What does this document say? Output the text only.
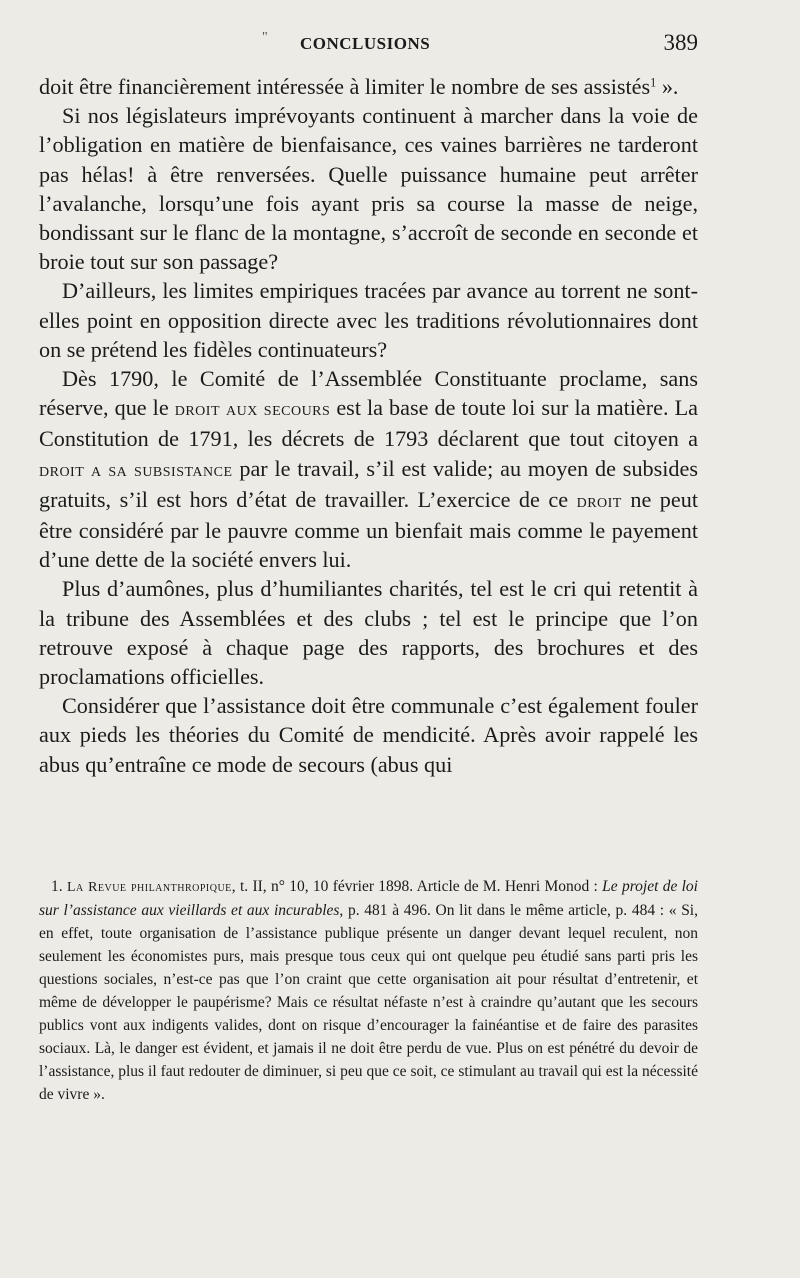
" CONCLUSIONS	389

doit être financièrement intéressée à limiter le nombre de ses assistés$^1$ ».

Si nos législateurs imprévoyants continuent à marcher dans la voie de l’obligation en matière de bienfaisance, ces vaines barrières ne tarderont pas hélas! à être renversées. Quelle puissance humaine peut arrêter l’avalanche, lorsqu’une fois ayant pris sa course la masse de neige, bondissant sur le flanc de la montagne, s’accroît de seconde en seconde et broie tout sur son passage?

D’ailleurs, les limites empiriques tracées par avance au torrent ne sont-elles point en opposition directe avec les traditions révolutionnaires dont on se prétend les fidèles continuateurs?

Dès 1790, le Comité de l’Assemblée Constituante proclame, sans réserve, que le droit aux secours est la base de toute loi sur la matière. La Constitution de 1791, les décrets de 1793 déclarent que tout citoyen a droit a sa subsistance par le travail, s’il est valide; au moyen de subsides gratuits, s’il est hors d’état de travailler. L’exercice de ce droit ne peut être considéré par le pauvre comme un bienfait mais comme le payement d’une dette de la société envers lui.

Plus d’aumônes, plus d’humiliantes charités, tel est le cri qui retentit à la tribune des Assemblées et des clubs ; tel est le principe que l’on retrouve exposé à chaque page des rapports, des brochures et des proclamations officielles.

Considérer que l’assistance doit être communale c’est également fouler aux pieds les théories du Comité de mendicité. Après avoir rappelé les abus qu’entraîne ce mode de secours (abus qui

1. La Revue philanthropique, t. II, n° 10, 10 février 1898. Article de M. Henri Monod : Le projet de loi sur l’assistance aux vieillards et aux incurables, p. 481 à 496. On lit dans le même article, p. 484 : « Si, en effet, toute organisation de l’assistance publique présente un danger devant lequel reculent, non seulement les économistes purs, mais presque tous ceux qui ont quelque peu étudié sans parti pris les questions sociales, n’est-ce pas que l’on craint que cette organisation ait pour résultat d’entretenir, et même de développer le paupérisme? Mais ce résultat néfaste n’est à craindre qu’autant que les secours publics vont aux indigents valides, dont on risque d’encourager la fainéantise et de faire des parasites sociaux. Là, le danger est évident, et jamais il ne doit être perdu de vue. Plus on est pénétré du devoir de l’assistance, plus il faut redouter de diminuer, si peu que ce soit, ce stimulant au travail qui est la nécessité de vivre ».
